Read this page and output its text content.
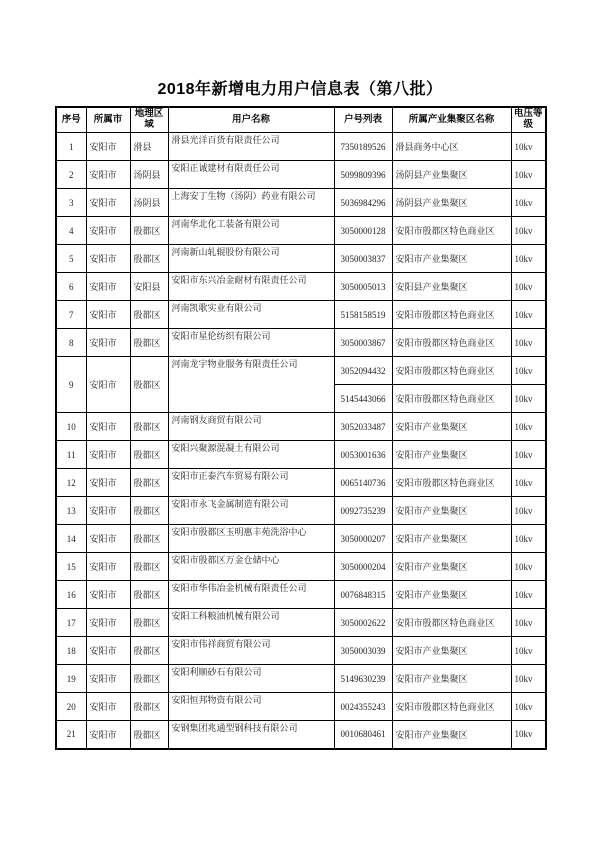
2018年新增电力用户信息表（第八批）
序号	所属市	地理区域	用户名称	户号列表	所属产业集聚区名称	电压等级
1	安阳市	滑县	滑县光洋百货有限责任公司	7350189526	滑县商务中心区	10kv
2	安阳市	汤阴县	安阳正诚建材有限责任公司	5099809396	汤阴县产业集聚区	10kv
3	安阳市	汤阴县	上海安丁生物（汤阴）药业有限公司	5036984296	汤阴县产业集聚区	10kv
4	安阳市	殷都区	河南华北化工装备有限公司	3050000128	安阳市殷都区特色商业区	10kv
5	安阳市	殷都区	河南新山轧辊股份有限公司	3050003837	安阳市产业集聚区	10kv
6	安阳市	安阳县	安阳市东兴冶金耐材有限责任公司	3050005013	安阳县产业集聚区	10kv
7	安阳市	殷都区	河南凯歌实业有限公司	5158158519	安阳市殷都区特色商业区	10kv
8	安阳市	殷都区	安阳市星伦纺织有限公司	3050003867	安阳市殷都区特色商业区	10kv
9	安阳市	殷都区	河南龙宇物业服务有限责任公司	3052094432	安阳市殷都区特色商业区	10kv
				5145443066	安阳市殷都区特色商业区	10kv
10	安阳市	殷都区	河南钢友商贸有限公司	3052033487	安阳市产业集聚区	10kv
11	安阳市	殷都区	安阳兴聚源混凝土有限公司	0053001636	安阳市产业集聚区	10kv
12	安阳市	殷都区	安阳市正泰汽车贸易有限公司	0065140736	安阳市殷都区特色商业区	10kv
13	安阳市	殷都区	安阳市永飞金属制造有限公司	0092735239	安阳市产业集聚区	10kv
14	安阳市	殷都区	安阳市殷都区玉明惠丰苑洗浴中心	3050000207	安阳市产业集聚区	10kv
15	安阳市	殷都区	安阳市殷都区万金仓储中心	3050000204	安阳市产业集聚区	10kv
16	安阳市	殷都区	安阳市华伟冶金机械有限责任公司	0076848315	安阳市产业集聚区	10kv
17	安阳市	殷都区	安阳工科粮油机械有限公司	3050002622	安阳市殷都区特色商业区	10kv
18	安阳市	殷都区	安阳市伟祥商贸有限公司	3050003039	安阳市产业集聚区	10kv
19	安阳市	殷都区	安阳利顺砂石有限公司	5149630239	安阳市产业集聚区	10kv
20	安阳市	殷都区	安阳恒邦物资有限公司	0024355243	安阳市殷都区特色商业区	10kv
21	安阳市	殷都区	安钢集团兆通型钢科技有限公司	0010680461	安阳市产业集聚区	10kv
